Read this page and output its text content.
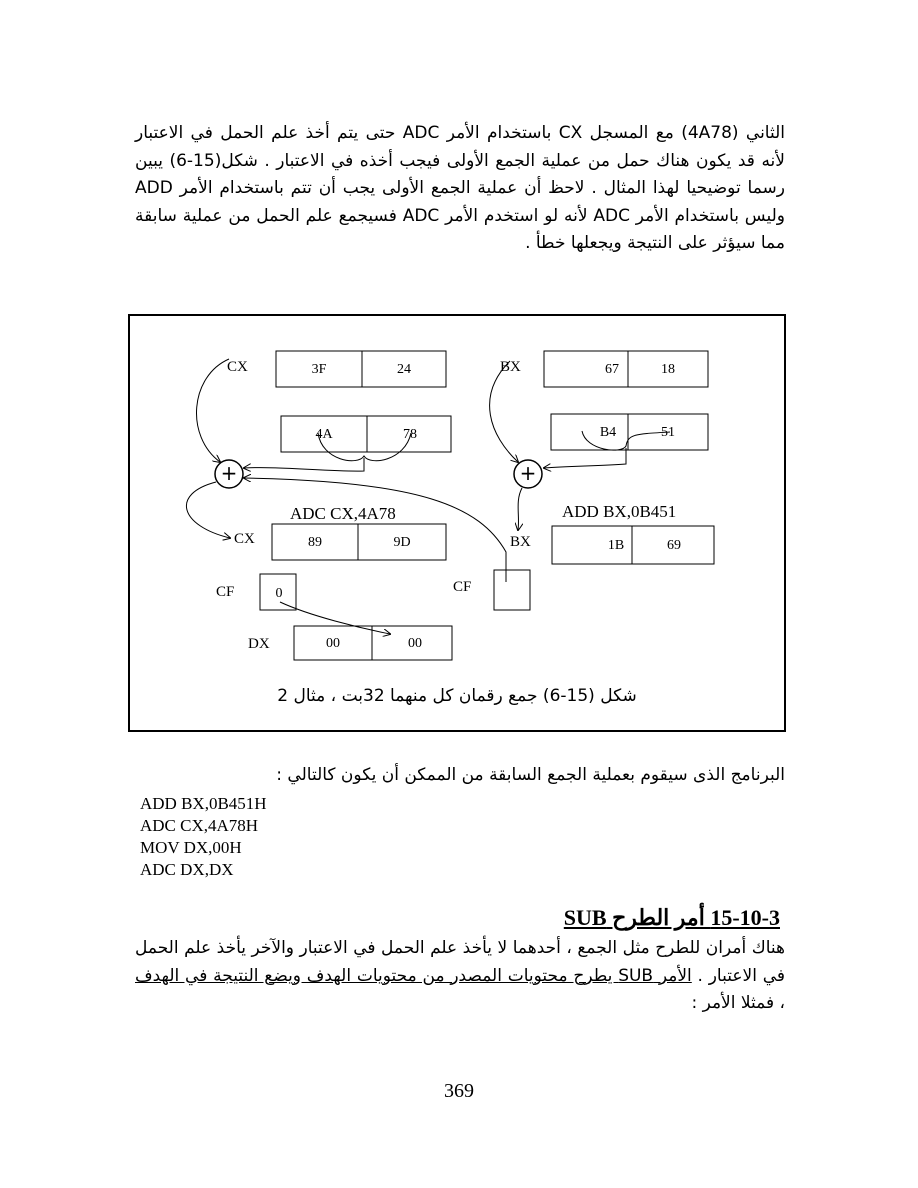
الثاني (4A78) مع المسجل CX باستخدام الأمر ADC حتى يتم أخذ علم الحمل في الاعتبار لأنه قد يكون هناك حمل من عملية الجمع الأولى فيجب أخذه في الاعتبار . شكل(15-6) يبين رسما توضيحيا لهذا المثال . لاحظ أن عملية الجمع الأولى يجب أن تتم باستخدام الأمر ADD وليس باستخدام الأمر ADC لأنه لو استخدم الأمر ADC فسيجمع علم الحمل من عملية سابقة مما سيؤثر على النتيجة ويجعلها خطأ .
CX	3F	24
4A	78
+
ADC CX,4A78
CX	89	9D
CF	0
DX	00	00
BX	67	18
B4	51
+
ADD BX,0B451
BX	1B	69
CF
شكل (15-6) جمع رقمان كل منهما 32بت ، مثال 2
البرنامج الذى سيقوم بعملية الجمع السابقة من الممكن أن يكون كالتالي :
ADD BX,0B451H
ADC CX,4A78H
MOV DX,00H
ADC DX,DX
15-10-3 أمر الطرح SUB
هناك أمران للطرح مثل الجمع ، أحدهما لا يأخذ علم الحمل في الاعتبار والآخر يأخذ علم الحمل في الاعتبار . الأمر SUB يطرح محتويات المصدر من محتويات الهدف ويضع النتيجة في الهدف ، فمثلا الأمر :
369
